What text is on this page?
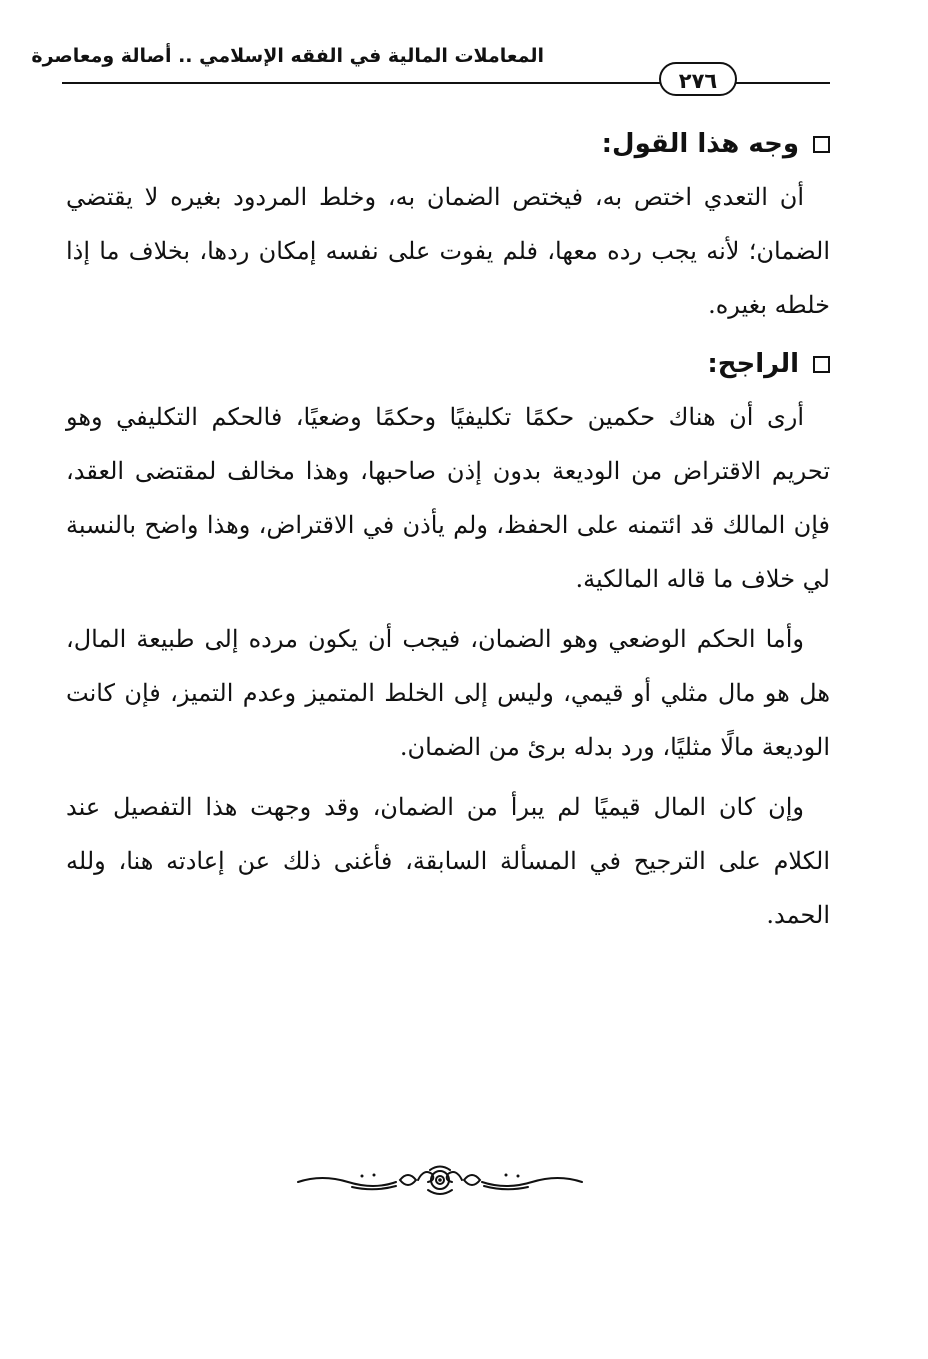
المعاملات المالية في الفقه الإسلامي .. أصالة ومعاصرة
٢٧٦
وجه هذا القول:

أن التعدي اختص به، فيختص الضمان به، وخلط المردود بغيره لا يقتضي الضمان؛ لأنه يجب رده معها، فلم يفوت على نفسه إمكان ردها، بخلاف ما إذا خلطه بغيره.

الراجح:

أرى أن هناك حكمين حكمًا تكليفيًا وحكمًا وضعيًا، فالحكم التكليفي وهو تحريم الاقتراض من الوديعة بدون إذن صاحبها، وهذا مخالف لمقتضى العقد، فإن المالك قد ائتمنه على الحفظ، ولم يأذن في الاقتراض، وهذا واضح بالنسبة لي خلاف ما قاله المالكية.

وأما الحكم الوضعي وهو الضمان، فيجب أن يكون مرده إلى طبيعة المال، هل هو مال مثلي أو قيمي، وليس إلى الخلط المتميز وعدم التميز، فإن كانت الوديعة مالًا مثليًا، ورد بدله برئ من الضمان.

وإن كان المال قيميًا لم يبرأ من الضمان، وقد وجهت هذا التفصيل عند الكلام على الترجيح في المسألة السابقة، فأغنى ذلك عن إعادته هنا، ولله الحمد.
